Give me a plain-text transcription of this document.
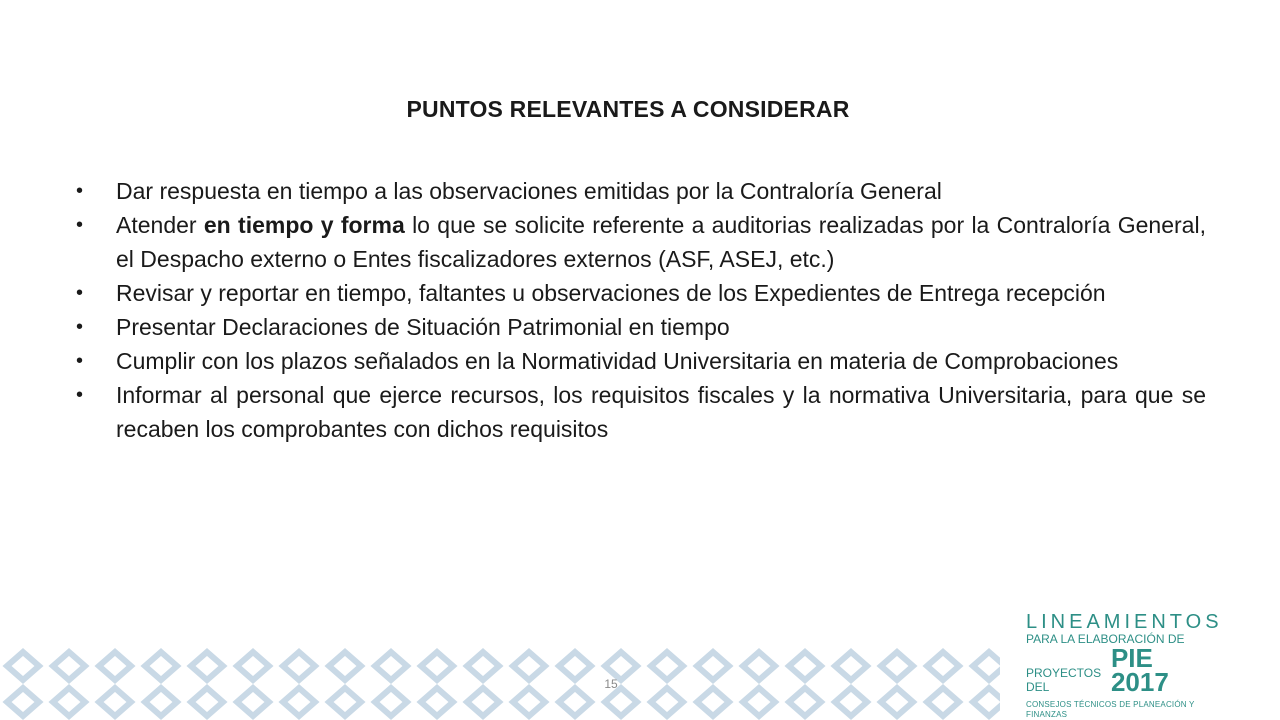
PUNTOS RELEVANTES A CONSIDERAR
• Dar respuesta en tiempo a las observaciones emitidas por la Contraloría General
• Atender en tiempo y forma lo que se solicite referente a auditorias realizadas por la Contraloría General, el Despacho externo o Entes fiscalizadores externos (ASF, ASEJ, etc.)
• Revisar y reportar en tiempo, faltantes u observaciones de los Expedientes de Entrega recepción
• Presentar Declaraciones de Situación Patrimonial en tiempo
• Cumplir con los plazos señalados en la Normatividad Universitaria en materia de Comprobaciones
• Informar al personal que ejerce recursos, los requisitos fiscales y la normativa Universitaria, para que se recaben los comprobantes con dichos requisitos
15
LINEAMIENTOS
PARA LA ELABORACIÓN DE
PROYECTOS DEL
PIE 2017
CONSEJOS TÉCNICOS DE PLANEACIÓN Y FINANZAS
